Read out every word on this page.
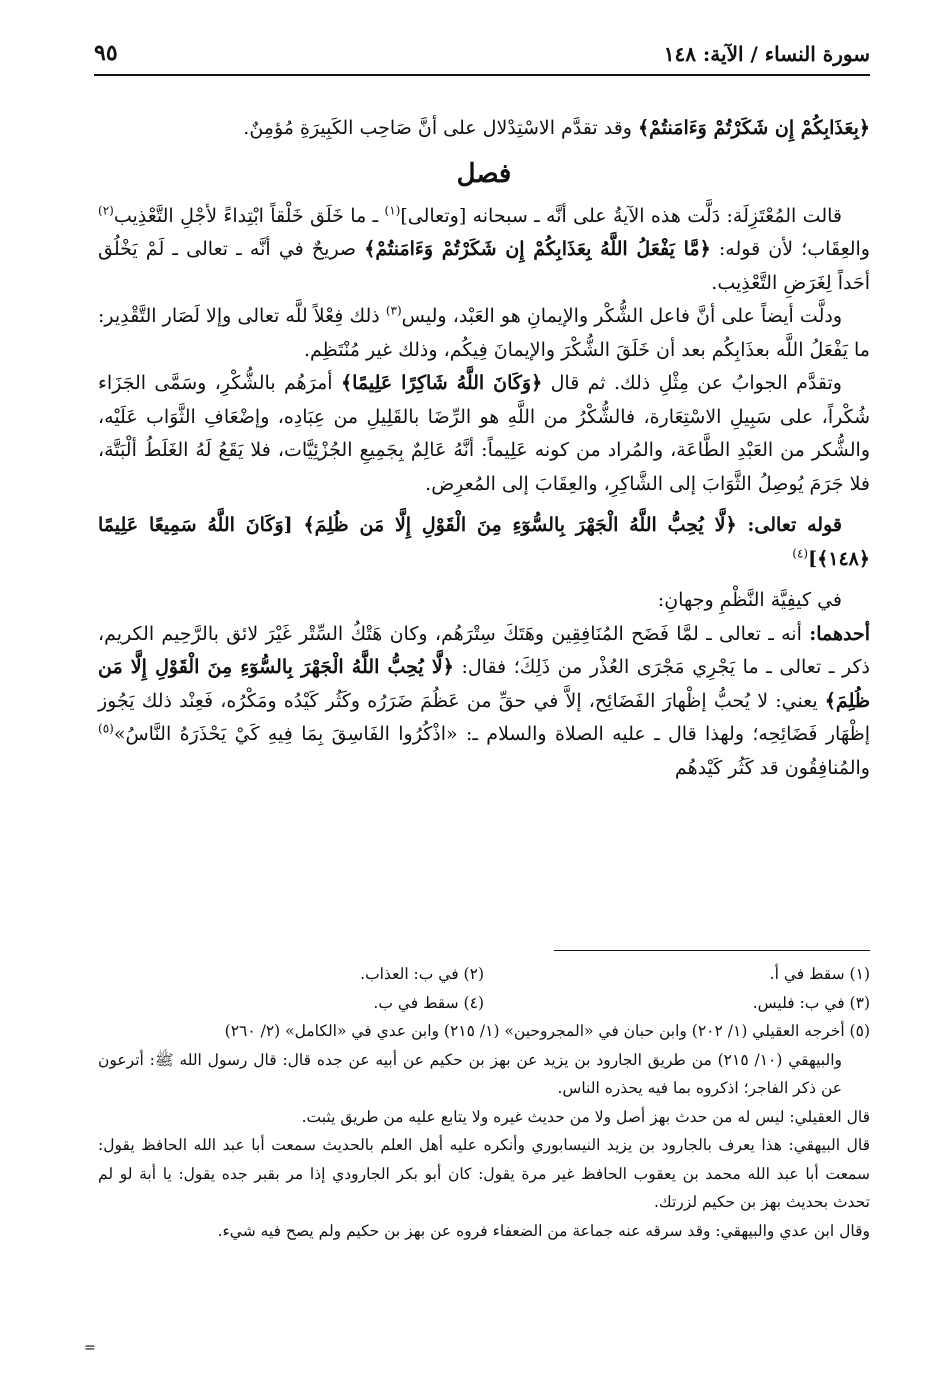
سورة النساء / الآية: ١٤٨
٩٥

﴿بِعَذَابِكُمْ إِن شَكَرْتُمْ وَءَامَنتُمْ﴾ وقد تقدَّم الاسْتِدْلال على أنَّ صَاحِب الكَبِيرَةِ مُؤمِنٌ.

فصل

قالت المُعْتَزِلَة: دَلَّت هذه الآيةُ على أنَّه ـ سبحانه [وتعالى]$^{(١)}$ ـ ما خَلَق خَلْقاً ابْتِداءً لأجْلِ التَّعْذِيب$^{(٢)}$ والعِقَاب؛ لأن قوله: ﴿مَّا يَفْعَلُ اللَّهُ بِعَذَابِكُمْ إِن شَكَرْتُمْ وَءَامَنتُمْ﴾ صريحٌ في أنَّه ـ تعالى ـ لَمْ يَخْلُق أحَداً لِغَرَضِ التَّعْذِيب.

ودلَّت أيضاً على أنَّ فاعل الشُّكْر والإيمانِ هو العَبْد، وليس$^{(٣)}$ ذلك فِعْلاً للَّه تعالى وإلا لَصَار التَّقْدِير: ما يَفْعَلُ اللَّه بعذَابِكُم بعد أن خَلَقَ الشُّكْرَ والإيمانَ فِيكُم، وذلك غير مُنْتَظِم.

وتقدَّم الجوابُ عن مِثْلِ ذلك. ثم قال ﴿وَكَانَ اللَّهُ شَاكِرًا عَلِيمًا﴾ أمرَهُم بالشُّكْرِ، وسَمَّى الجَزَاء شُكْراً، على سَبِيلِ الاسْتِعَارة، فالشُّكْرُ من اللَّهِ هو الرِّضَا بالقَلِيلِ من عِبَادِه، وإضْعَافِ الثَّوَاب عَلَيْه، والشُّكر من العَبْدِ الطَّاعَة، والمُراد من كونه عَلِيماً: أنَّهُ عَالِمٌ بِجَمِيعِ الجُزْئِيَّات، فلا يَقَعُ لَهُ الغَلَطُ ألْبَتَّة، فلا جَرَمَ يُوصِلُ الثَّوَابَ إلى الشَّاكِرِ، والعِقَابَ إلى المُعرِض.

قوله تعالى: ﴿لَّا يُحِبُّ اللَّهُ الْجَهْرَ بِالسُّوٓءِ مِنَ الْقَوْلِ إِلَّا مَن ظُلِمَ﴾ [وَكَانَ اللَّهُ سَمِيعًا عَلِيمًا ﴿١٤٨﴾]$^{(٤)}$

في كيفِيَّة النَّظْمِ وجهانِ:

أحدهما: أنه ـ تعالى ـ لمَّا فَضَح المُنَافِقِين وهَتَكَ سِتْرَهُم، وكان هَتْكُ السِّتْر غَيْرَ لائق بالرَّحِيم الكريم، ذكر ـ تعالى ـ ما يَجْرِي مَجْرَى العُذْر من ذَلِكَ؛ فقال: ﴿لَّا يُحِبُّ اللَّهُ الْجَهْرَ بِالسُّوٓءِ مِنَ الْقَوْلِ إِلَّا مَن ظُلِمَ﴾ يعني: لا يُحبُّ إظْهارَ الفَضَائِح، إلاَّ في حقِّ من عَظُمَ ضَرَرُه وكَثُر كَيْدُه ومَكْرُه، فَعِنْد ذلك يَجُوز إظْهَار فَضَائِحِه؛ ولهذا قال ـ عليه الصلاة والسلام ـ: «اذْكُرُوا الفَاسِقَ بِمَا فِيهِ كَيْ يَحْذَرَهُ النَّاسُ»$^{(٥)}$ والمُنافِقُون قد كَثُر كَيْدهُم

(١) سقط في أ.
(٢) في ب: العذاب.
(٣) في ب: فليس.
(٤) سقط في ب.

(٥) أخرجه العقيلي (١/ ٢٠٢) وابن حبان في «المجروحين» (١/ ٢١٥) وابن عدي في «الكامل» (٢/ ٢٦٠)

والبيهقي (١٠/ ٢١٥) من طريق الجارود بن يزيد عن بهز بن حكيم عن أبيه عن جده قال: قال رسول الله ﷺ: أترعون عن ذكر الفاجر؛ اذكروه بما فيه يحذره الناس.

قال العقيلي: ليس له من حدث بهز أصل ولا من حديث غيره ولا يتابع عليه من طريق يثبت.

قال البيهقي: هذا يعرف بالجارود بن يزيد النيسابوري وأنكره عليه أهل العلم بالحديث سمعت أبا عبد الله الحافظ يقول: سمعت أبا عبد الله محمد بن يعقوب الحافظ غير مرة يقول: كان أبو بكر الجارودي إذا مر بقبر جده يقول: يا أبة لو لم تحدث بحديث بهز بن حكيم لزرتك.

وقال ابن عدي والبيهقي: وقد سرقه عنه جماعة من الضعفاء فروه عن بهز بن حكيم ولم يصح فيه شيء.

=
